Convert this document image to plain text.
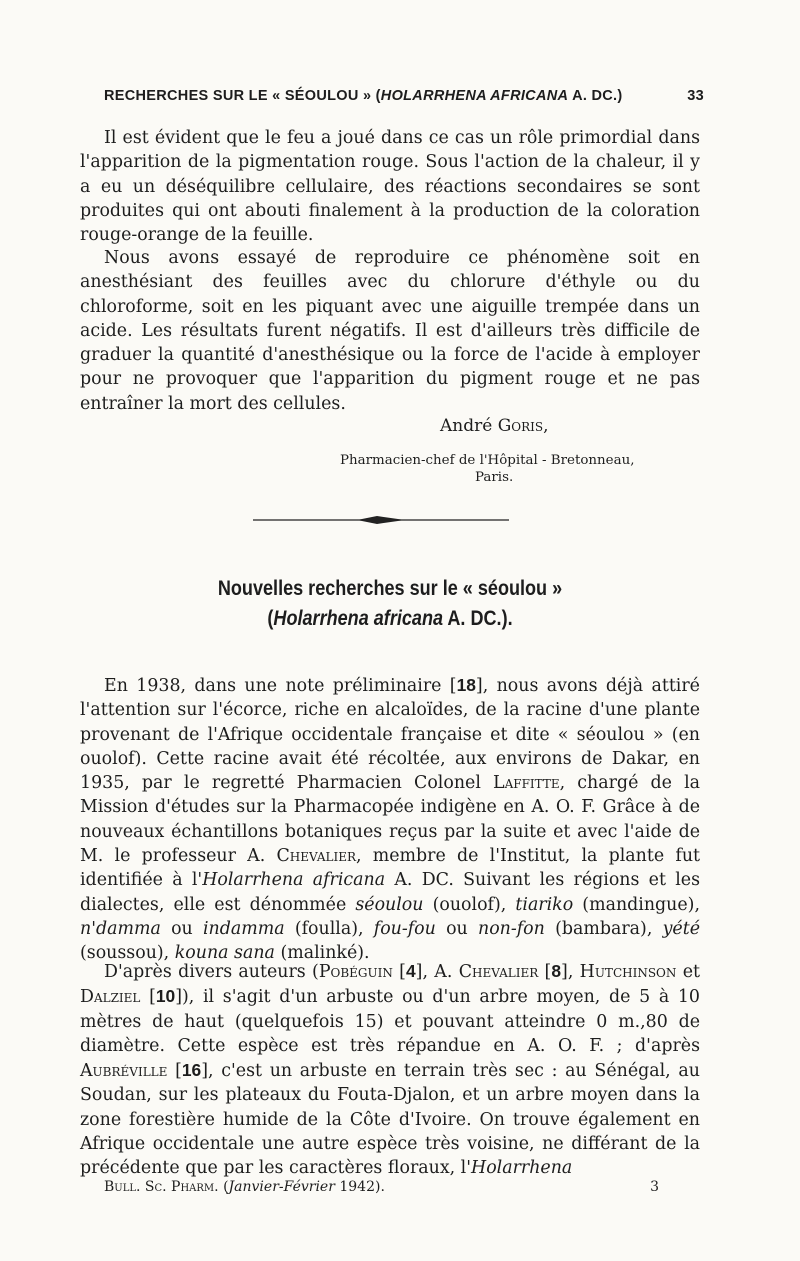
RECHERCHES SUR LE « SÉOULOU » (HOLARRHENA AFRICANA A. DC.)	33

Il est évident que le feu a joué dans ce cas un rôle primordial dans l'apparition de la pigmentation rouge. Sous l'action de la chaleur, il y a eu un déséquilibre cellulaire, des réactions secondaires se sont produites qui ont abouti finalement à la production de la coloration rouge-orange de la feuille.

Nous avons essayé de reproduire ce phénomène soit en anesthésiant des feuilles avec du chlorure d'éthyle ou du chloroforme, soit en les piquant avec une aiguille trempée dans un acide. Les résultats furent négatifs. Il est d'ailleurs très difficile de graduer la quantité d'anesthésique ou la force de l'acide à employer pour ne provoquer que l'apparition du pigment rouge et ne pas entraîner la mort des cellules.

André Goris,
Pharmacien-chef de l'Hôpital - Bretonneau,
Paris.
Nouvelles recherches sur le « séoulou »
(Holarrhena africana A. DC.).

En 1938, dans une note préliminaire [18], nous avons déjà attiré l'attention sur l'écorce, riche en alcaloïdes, de la racine d'une plante provenant de l'Afrique occidentale française et dite « séoulou » (en ouolof). Cette racine avait été récoltée, aux environs de Dakar, en 1935, par le regretté Pharmacien Colonel Laffitte, chargé de la Mission d'études sur la Pharmacopée indigène en A. O. F. Grâce à de nouveaux échantillons botaniques reçus par la suite et avec l'aide de M. le professeur A. Chevalier, membre de l'Institut, la plante fut identifiée à l'Holarrhena africana A. DC. Suivant les régions et les dialectes, elle est dénommée séoulou (ouolof), tiariko (mandingue), n'damma ou indamma (foulla), fou-fou ou non-fon (bambara), yété (soussou), kouna sana (malinké).

D'après divers auteurs (Pobéguin [4], A. Chevalier [8], Hutchinson et Dalziel [10]), il s'agit d'un arbuste ou d'un arbre moyen, de 5 à 10 mètres de haut (quelquefois 15) et pouvant atteindre 0 m.,80 de diamètre. Cette espèce est très répandue en A. O. F. ; d'après Aubréville [16], c'est un arbuste en terrain très sec : au Sénégal, au Soudan, sur les plateaux du Fouta-Djalon, et un arbre moyen dans la zone forestière humide de la Côte d'Ivoire. On trouve également en Afrique occidentale une autre espèce très voisine, ne différant de la précédente que par les caractères floraux, l'Holarrhena

Bull. Sc. Pharm. (Janvier-Février 1942).	3
